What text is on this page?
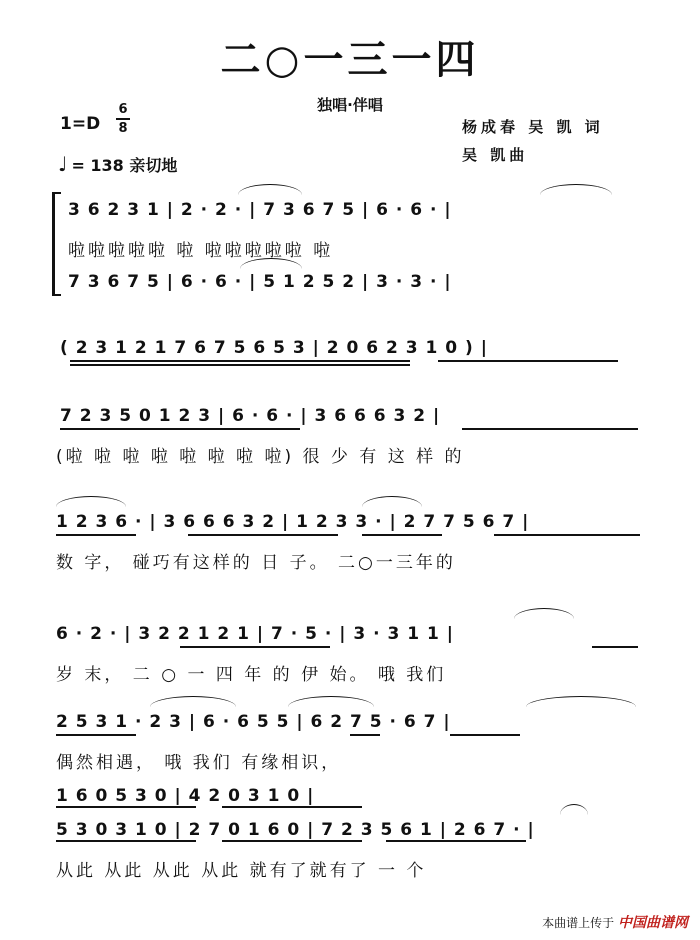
二○一三一四
独唱·伴唱
1=D
6
8	杨成春 吴 凯 词
吴 凯曲
♩ = 138 亲切地
3 6 2 3 1 | 2 · 2 · | 7 3 6 7 5 | 6 · 6 · |
啦啦啦啦啦 啦 啦啦啦啦啦 啦
7 3 6 7 5 | 6 · 6 · | 5 1 2 5 2 | 3 · 3 · |
( 2 3 1 2 1 7 6 7 5 6 5 3 | 2 0 6 2 3 1 0 ) |
7 2 3 5 0 1 2 3 | 6 · 6 · | 3 6 6 6 3 2 |
(啦 啦 啦 啦 啦 啦 啦 啦) 很 少 有 这 样 的
1 2 3 6 · | 3 6 6 6 3 2 | 1 2 3 3 · | 2 7 7 5 6 7 |
数 字， 碰巧有这样的 日 子。 二○一三年的
6 · 2 · | 3 2 2 1 2 1 | 7 · 5 · | 3 · 3 1 1 |
岁 末， 二 ○ 一 四 年 的 伊 始。 哦 我们
2 5 3 1 · 2 3 | 6 · 6 5 5 | 6 2 7 5 · 6 7 |
偶然相遇， 哦 我们 有缘相识，
1 6 0 5 3 0 | 4 2 0 3 1 0 |
5 3 0 3 1 0 | 2 7 0 1 6 0 | 7 2 3 5 6 1 | 2 6 7 · |
从此 从此 从此 从此 就有了就有了 一 个
本曲谱上传于 中国曲谱网
